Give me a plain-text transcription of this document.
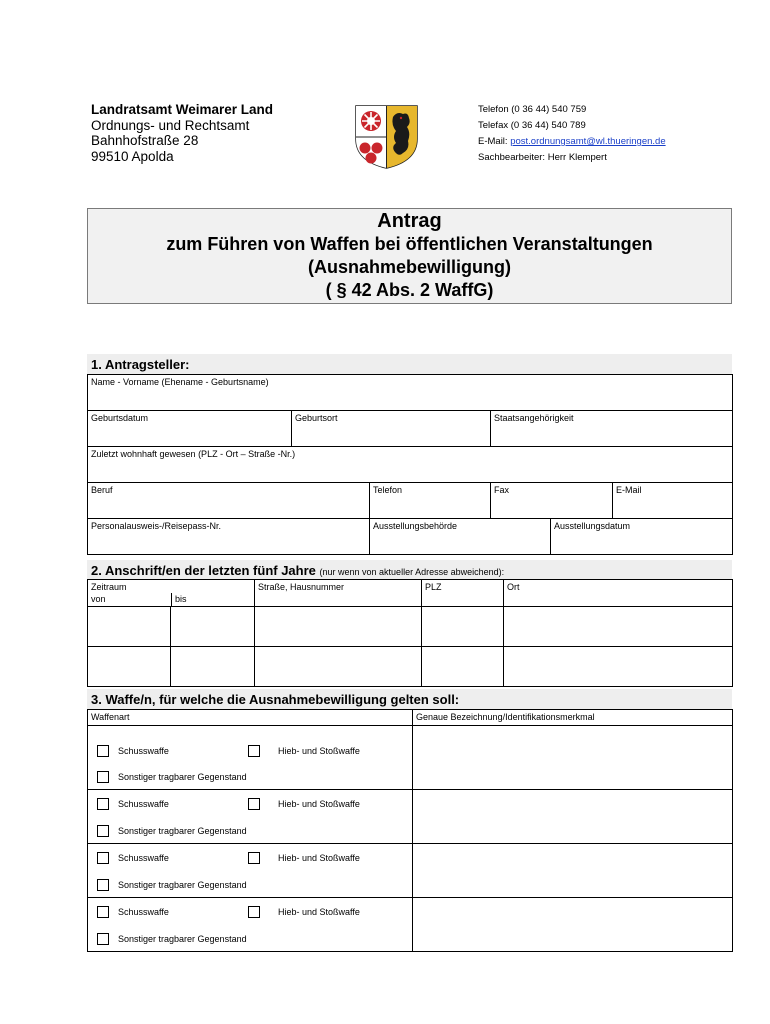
Landratsamt Weimarer Land
Ordnungs- und Rechtsamt
Bahnhofstraße 28
99510 Apolda
Telefon (0 36 44) 540 759
Telefax (0 36 44) 540 789
E-Mail: post.ordnungsamt@wl.thueringen.de
Sachbearbeiter: Herr Klempert
Antrag
zum Führen von Waffen bei öffentlichen Veranstaltungen
(Ausnahmebewilligung)
( § 42 Abs. 2 WaffG)
1. Antragsteller:
Name - Vorname (Ehename - Geburtsname)					
Geburtsdatum	Geburtsort		Staatsangehörigkeit		
Zuletzt wohnhaft gewesen (PLZ - Ort – Straße -Nr.)					
Beruf		Telefon	Fax		E-Mail
Personalausweis-/Reisepass-Nr.		Ausstellungsbehörde		Ausstellungsdatum	
2. Anschrift/en der letzten fünf Jahre (nur wenn von aktueller Adresse abweichend):
Zeitraum
von bis		Straße, Hausnummer	PLZ	Ort

3. Waffe/n, für welche die Ausnahmebewilligung gelten soll:
Waffenart	Genaue Bezeichnung/Identifikationsmerkmal

Schusswaffe	Hieb- und Stoßwaffe
Sonstiger tragbarer Gegenstand
Schusswaffe	Hieb- und Stoßwaffe
Sonstiger tragbarer Gegenstand
Schusswaffe	Hieb- und Stoßwaffe
Sonstiger tragbarer Gegenstand
Schusswaffe	Hieb- und Stoßwaffe
Sonstiger tragbarer Gegenstand
